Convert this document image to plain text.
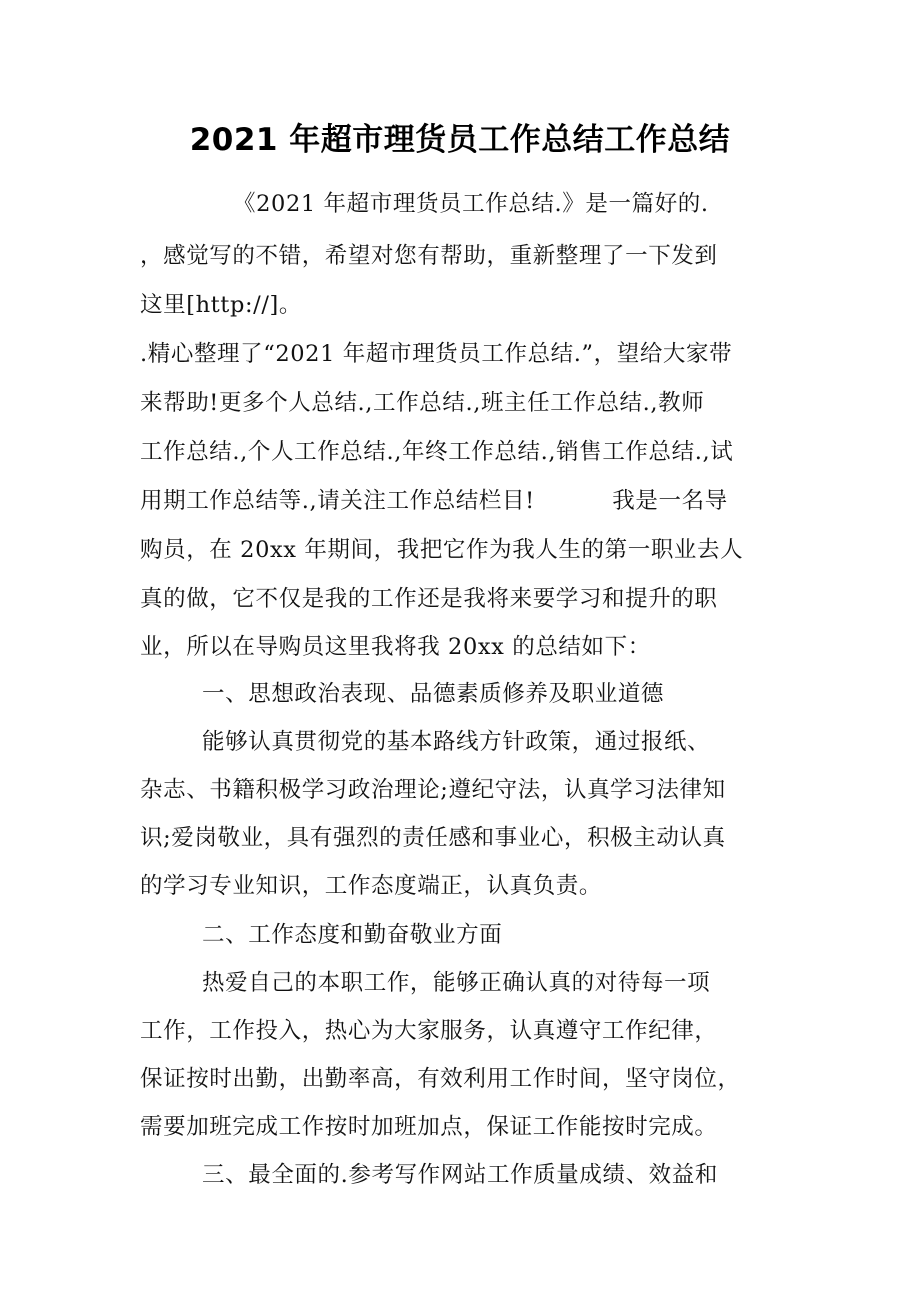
2021 年超市理货员工作总结工作总结
《2021 年超市理货员工作总结.》是一篇好的.
，感觉写的不错，希望对您有帮助，重新整理了一下发到
这里[http://]。
.精心整理了“2021 年超市理货员工作总结.”，望给大家带
来帮助!更多个人总结.,工作总结.,班主任工作总结.,教师
工作总结.,个人工作总结.,年终工作总结.,销售工作总结.,试
用期工作总结等.,请关注工作总结栏目!          我是一名导
购员，在 20xx 年期间，我把它作为我人生的第一职业去人
真的做，它不仅是我的工作还是我将来要学习和提升的职
业，所以在导购员这里我将我 20xx 的总结如下：
一、思想政治表现、品德素质修养及职业道德
能够认真贯彻党的基本路线方针政策，通过报纸、
杂志、书籍积极学习政治理论;遵纪守法，认真学习法律知
识;爱岗敬业，具有强烈的责任感和事业心，积极主动认真
的学习专业知识，工作态度端正，认真负责。
二、工作态度和勤奋敬业方面
热爱自己的本职工作，能够正确认真的对待每一项
工作，工作投入，热心为大家服务，认真遵守工作纪律，
保证按时出勤，出勤率高，有效利用工作时间，坚守岗位，
需要加班完成工作按时加班加点，保证工作能按时完成。
三、最全面的.参考写作网站工作质量成绩、效益和
